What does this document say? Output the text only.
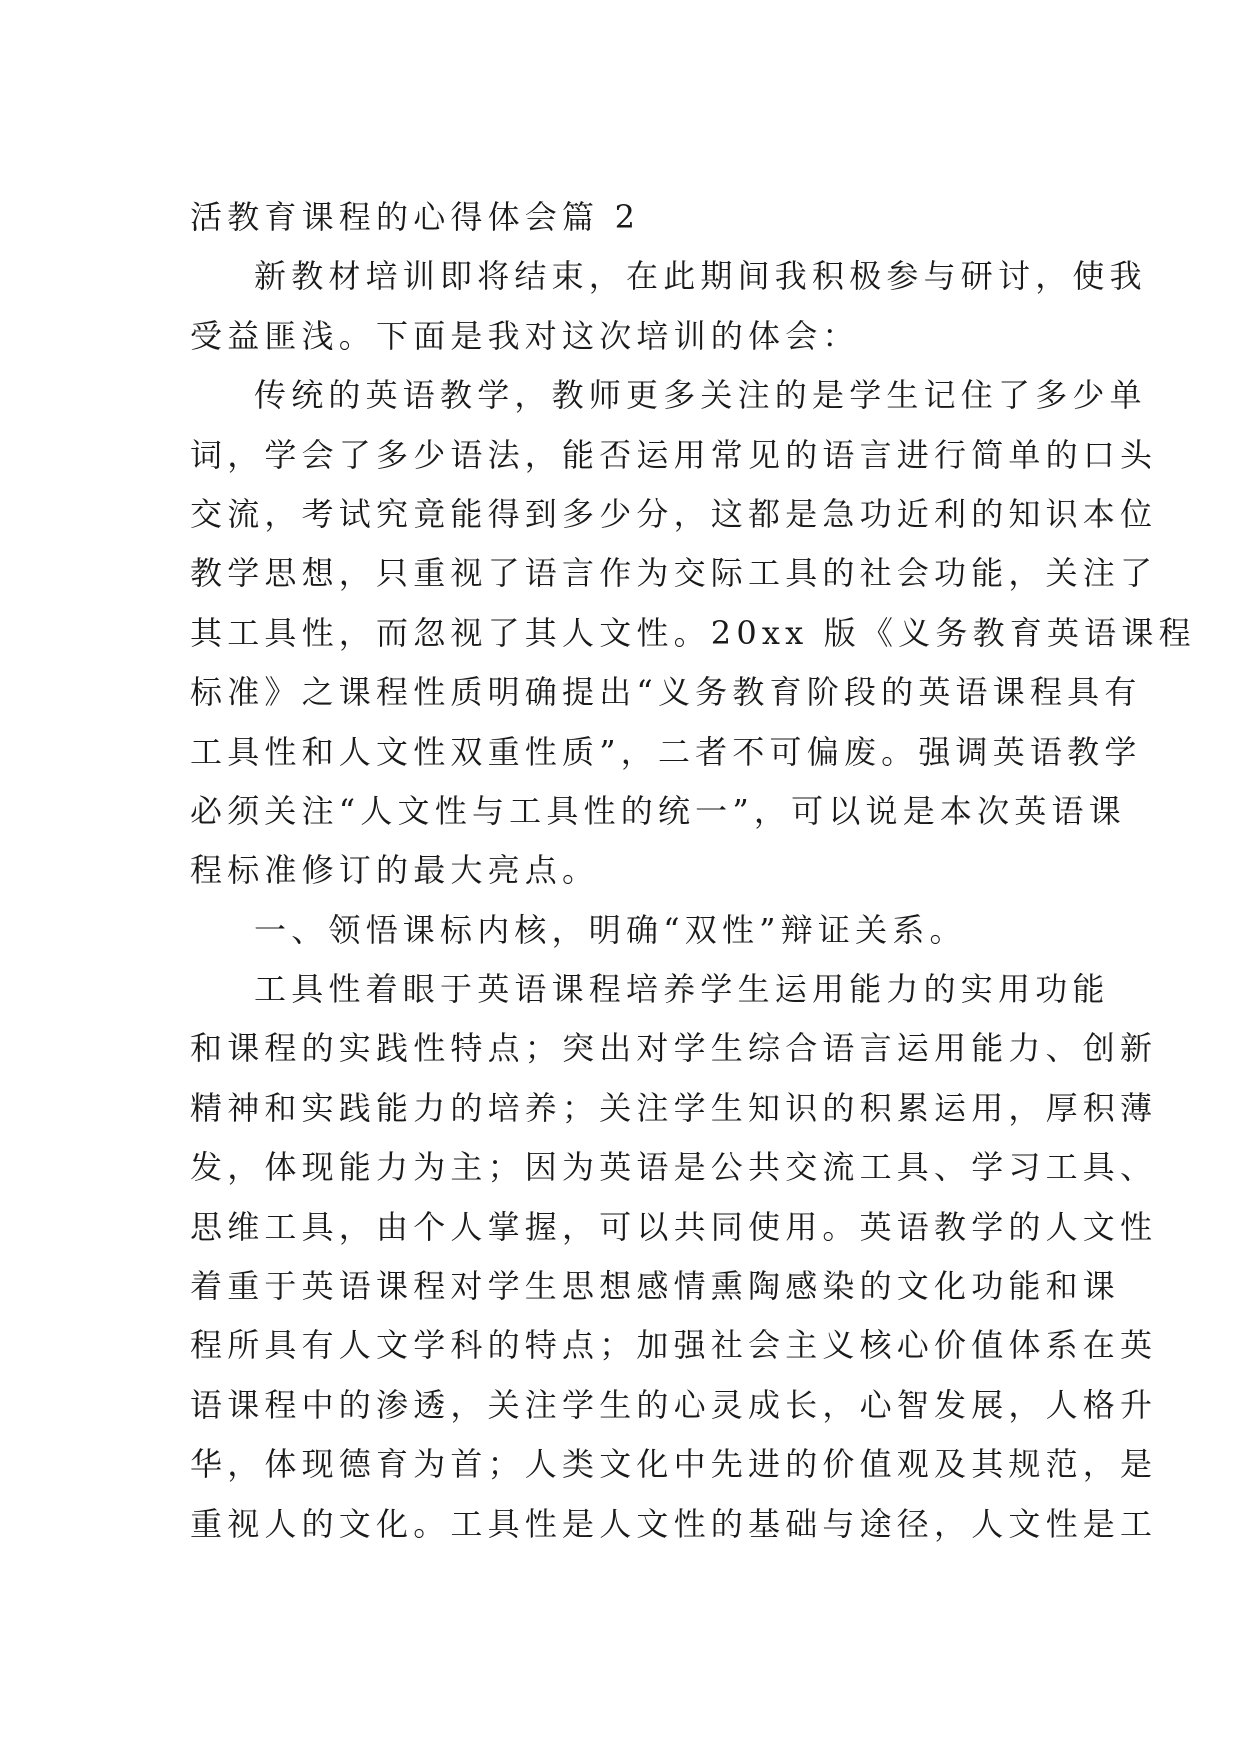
活教育课程的心得体会篇 2
新教材培训即将结束，在此期间我积极参与研讨，使我
受益匪浅。下面是我对这次培训的体会：
传统的英语教学，教师更多关注的是学生记住了多少单
词，学会了多少语法，能否运用常见的语言进行简单的口头
交流，考试究竟能得到多少分，这都是急功近利的知识本位
教学思想，只重视了语言作为交际工具的社会功能，关注了
其工具性，而忽视了其人文性。20xx 版《义务教育英语课程
标准》之课程性质明确提出“义务教育阶段的英语课程具有
工具性和人文性双重性质”，二者不可偏废。强调英语教学
必须关注“人文性与工具性的统一”，可以说是本次英语课
程标准修订的最大亮点。
一、领悟课标内核，明确“双性”辩证关系。
工具性着眼于英语课程培养学生运用能力的实用功能
和课程的实践性特点；突出对学生综合语言运用能力、创新
精神和实践能力的培养；关注学生知识的积累运用，厚积薄
发，体现能力为主；因为英语是公共交流工具、学习工具、
思维工具，由个人掌握，可以共同使用。英语教学的人文性
着重于英语课程对学生思想感情熏陶感染的文化功能和课
程所具有人文学科的特点；加强社会主义核心价值体系在英
语课程中的渗透，关注学生的心灵成长，心智发展，人格升
华，体现德育为首；人类文化中先进的价值观及其规范，是
重视人的文化。工具性是人文性的基础与途径，人文性是工
